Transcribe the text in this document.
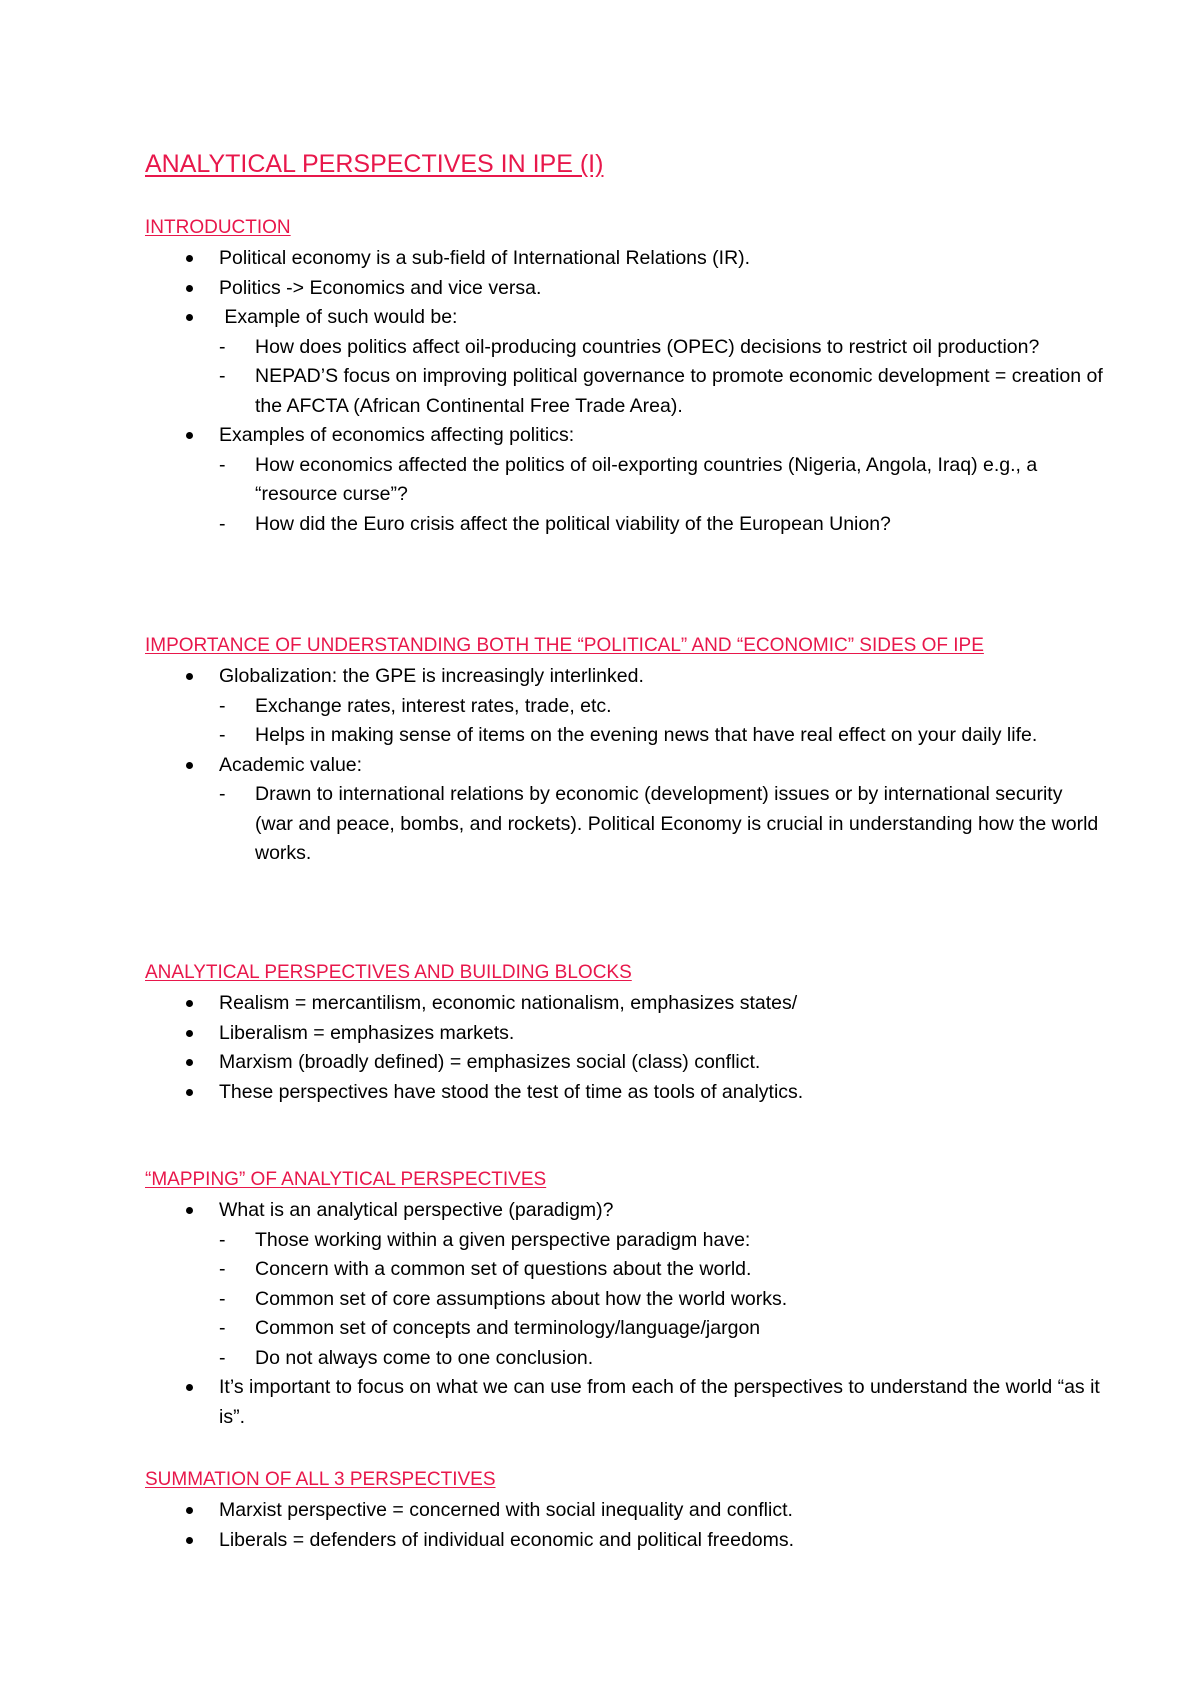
ANALYTICAL PERSPECTIVES IN IPE (I)
INTRODUCTION
Political economy is a sub-field of International Relations (IR).
Politics -> Economics and vice versa.
Example of such would be:
- How does politics affect oil-producing countries (OPEC) decisions to restrict oil production?
- NEPAD’S focus on improving political governance to promote economic development = creation of the AFCTA (African Continental Free Trade Area).
Examples of economics affecting politics:
- How economics affected the politics of oil-exporting countries (Nigeria, Angola, Iraq) e.g., a “resource curse”?
- How did the Euro crisis affect the political viability of the European Union?
IMPORTANCE OF UNDERSTANDING BOTH THE “POLITICAL” AND “ECONOMIC” SIDES OF IPE
Globalization: the GPE is increasingly interlinked.
- Exchange rates, interest rates, trade, etc.
- Helps in making sense of items on the evening news that have real effect on your daily life.
Academic value:
- Drawn to international relations by economic (development) issues or by international security (war and peace, bombs, and rockets). Political Economy is crucial in understanding how the world works.
ANALYTICAL PERSPECTIVES AND BUILDING BLOCKS
Realism = mercantilism, economic nationalism, emphasizes states/
Liberalism = emphasizes markets.
Marxism (broadly defined) = emphasizes social (class) conflict.
These perspectives have stood the test of time as tools of analytics.
“MAPPING” OF ANALYTICAL PERSPECTIVES
What is an analytical perspective (paradigm)?
- Those working within a given perspective paradigm have:
- Concern with a common set of questions about the world.
- Common set of core assumptions about how the world works.
- Common set of concepts and terminology/language/jargon
- Do not always come to one conclusion.
It’s important to focus on what we can use from each of the perspectives to understand the world “as it is”.
SUMMATION OF ALL 3 PERSPECTIVES
Marxist perspective = concerned with social inequality and conflict.
Liberals = defenders of individual economic and political freedoms.
